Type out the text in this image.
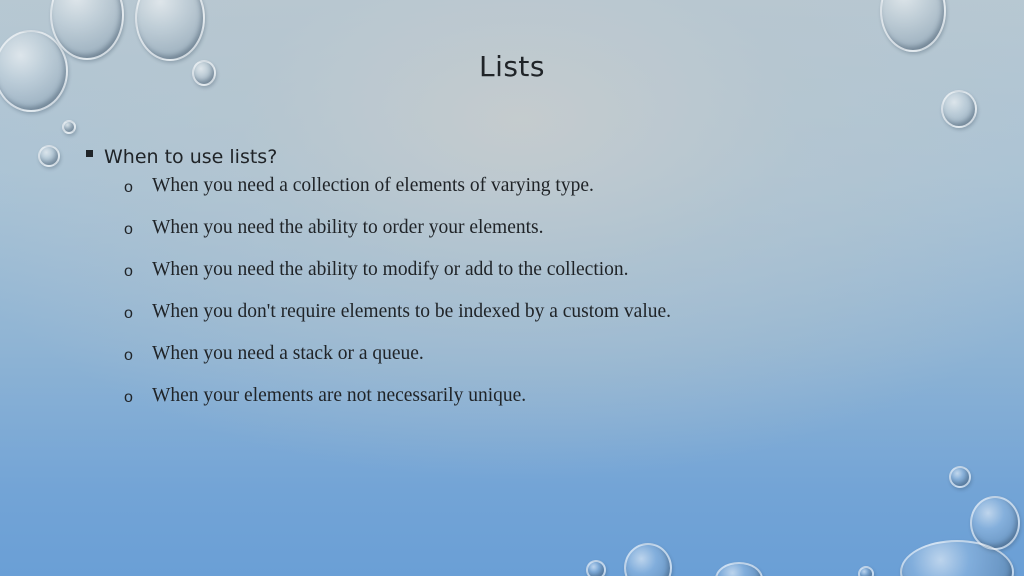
Lists
When to use lists?
o When you need a collection of elements of varying type.
o When you need the ability to order your elements.
o When you need the ability to modify or add to the collection.
o When you don't require elements to be indexed by a custom value.
o When you need a stack or a queue.
o When your elements are not necessarily unique.
